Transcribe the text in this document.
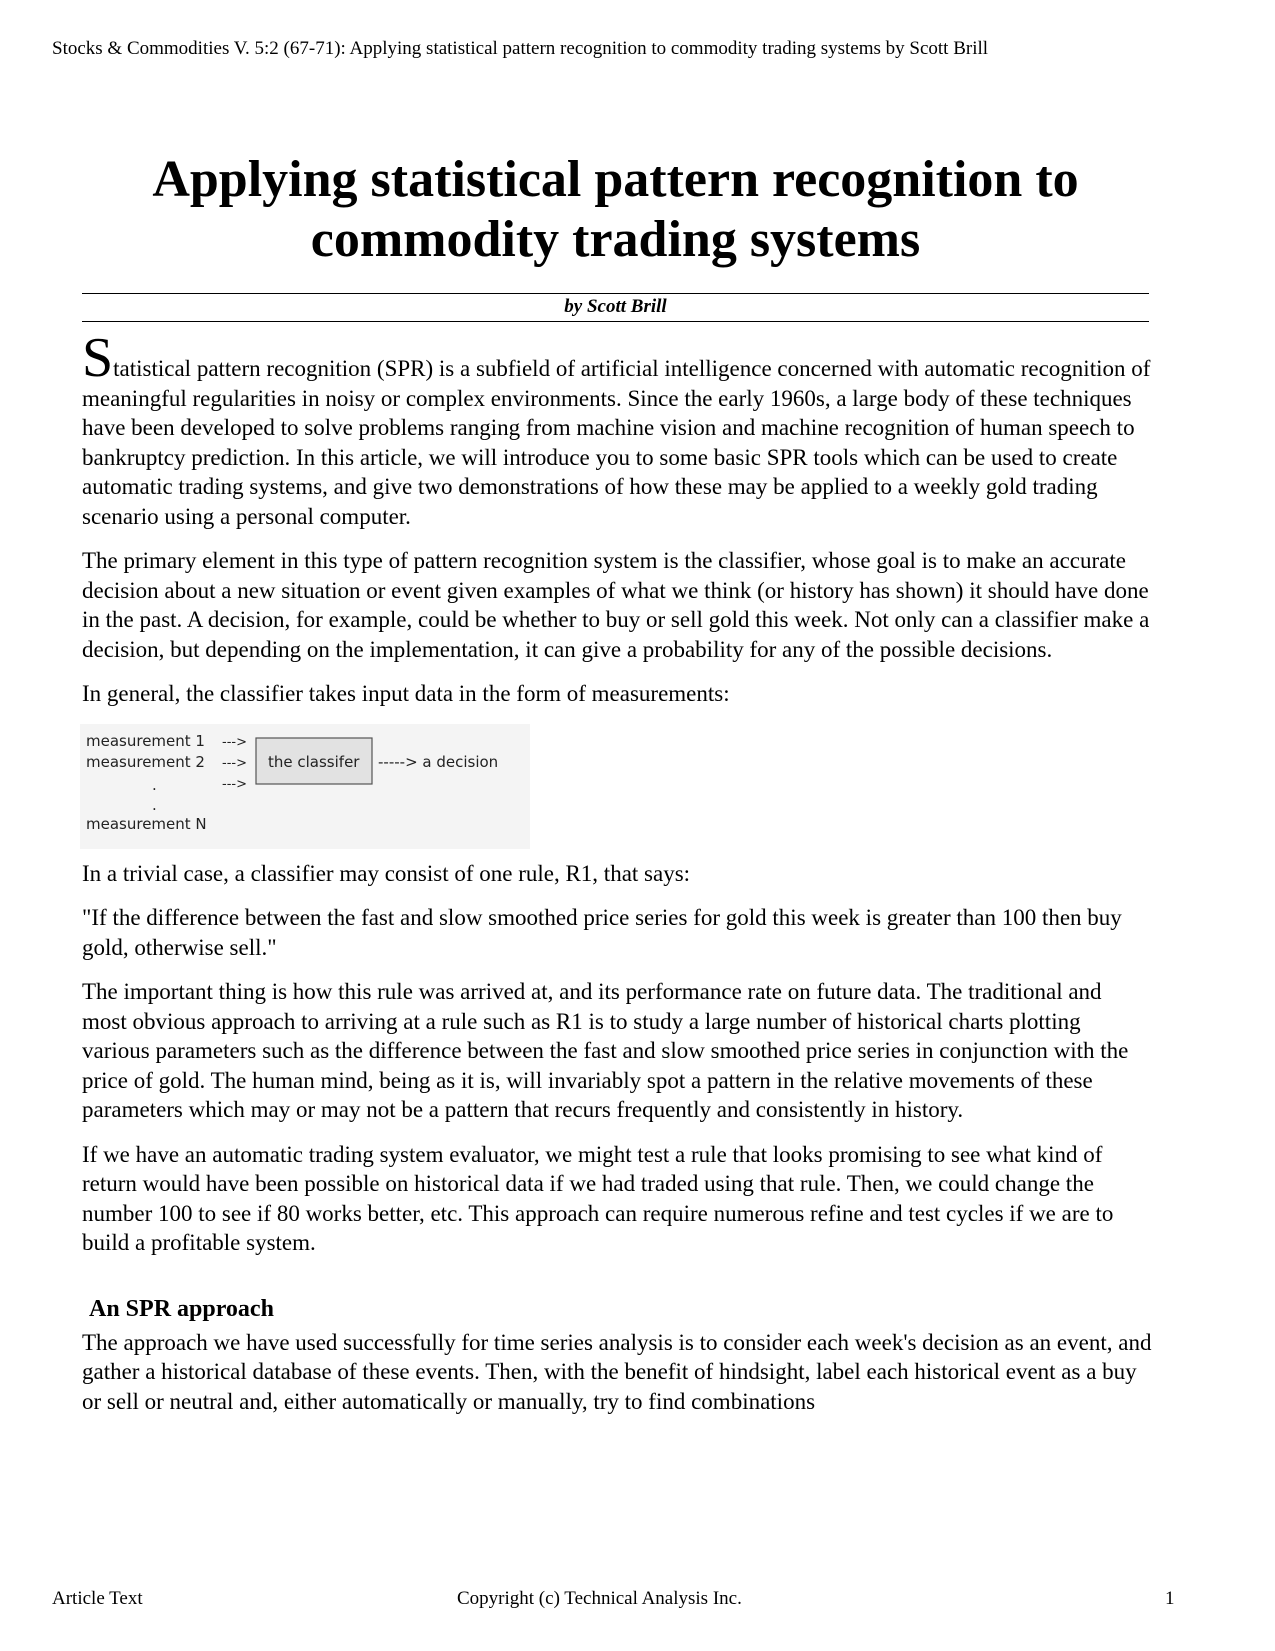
Stocks & Commodities V. 5:2 (67-71): Applying statistical pattern recognition to commodity trading systems by Scott Brill
Applying statistical pattern recognition to
commodity trading systems
by Scott Brill

Statistical pattern recognition (SPR) is a subfield of artificial intelligence concerned with automatic recognition of meaningful regularities in noisy or complex environments. Since the early 1960s, a large body of these techniques have been developed to solve problems ranging from machine vision and machine recognition of human speech to bankruptcy prediction. In this article, we will introduce you to some basic SPR tools which can be used to create automatic trading systems, and give two demonstrations of how these may be applied to a weekly gold trading scenario using a personal computer.

The primary element in this type of pattern recognition system is the classifier, whose goal is to make an accurate decision about a new situation or event given examples of what we think (or history has shown) it should have done in the past. A decision, for example, could be whether to buy or sell gold this week. Not only can a classifier make a decision, but depending on the implementation, it can give a probability for any of the possible decisions.

In general, the classifier takes input data in the form of measurements:

measurement 1
measurement 2
.
.
measurement N
--->
--->
--->
the classifer -----> a decision

In a trivial case, a classifier may consist of one rule, R1, that says:

"If the difference between the fast and slow smoothed price series for gold this week is greater than 100 then buy gold, otherwise sell."

The important thing is how this rule was arrived at, and its performance rate on future data. The traditional and most obvious approach to arriving at a rule such as R1 is to study a large number of historical charts plotting various parameters such as the difference between the fast and slow smoothed price series in conjunction with the price of gold. The human mind, being as it is, will invariably spot a pattern in the relative movements of these parameters which may or may not be a pattern that recurs frequently and consistently in history.

If we have an automatic trading system evaluator, we might test a rule that looks promising to see what kind of return would have been possible on historical data if we had traded using that rule. Then, we could change the number 100 to see if 80 works better, etc. This approach can require numerous refine and test cycles if we are to build a profitable system.

An SPR approach

The approach we have used successfully for time series analysis is to consider each week's decision as an event, and gather a historical database of these events. Then, with the benefit of hindsight, label each historical event as a buy or sell or neutral and, either automatically or manually, try to find combinations

Article Text	Copyright (c) Technical Analysis Inc.	1
